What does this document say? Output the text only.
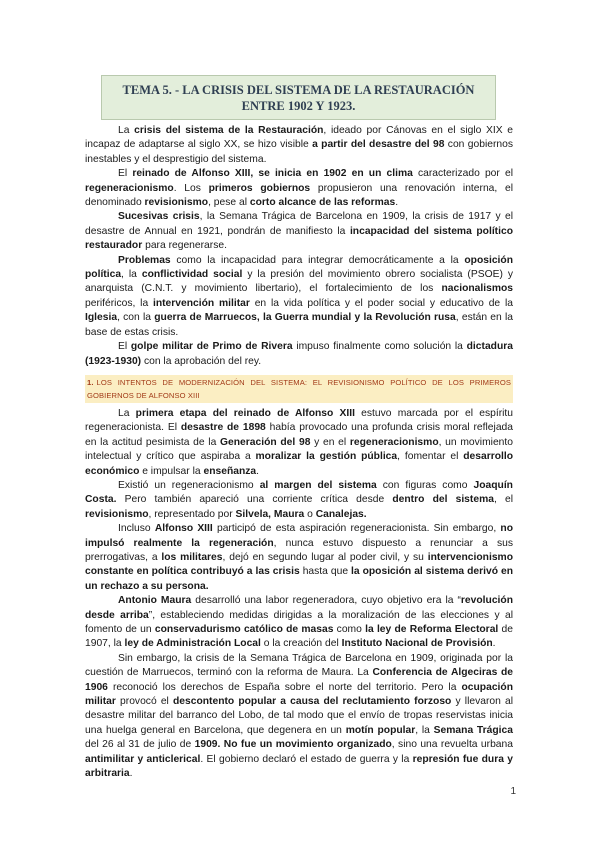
TEMA 5. - LA CRISIS DEL SISTEMA DE LA RESTAURACIÓN
ENTRE 1902 Y 1923.

La crisis del sistema de la Restauración, ideado por Cánovas en el siglo XIX e incapaz de adaptarse al siglo XX, se hizo visible a partir del desastre del 98 con gobiernos inestables y el desprestigio del sistema.

El reinado de Alfonso XIII, se inicia en 1902 en un clima caracterizado por el regeneracionismo. Los primeros gobiernos propusieron una renovación interna, el denominado revisionismo, pese al corto alcance de las reformas.

Sucesivas crisis, la Semana Trágica de Barcelona en 1909, la crisis de 1917 y el desastre de Annual en 1921, pondrán de manifiesto la incapacidad del sistema político restaurador para regenerarse.

Problemas como la incapacidad para integrar democráticamente a la oposición política, la conflictividad social y la presión del movimiento obrero socialista (PSOE) y anarquista (C.N.T. y movimiento libertario), el fortalecimiento de los nacionalismos periféricos, la intervención militar en la vida política y el poder social y educativo de la Iglesia, con la guerra de Marruecos, la Guerra mundial y la Revolución rusa, están en la base de estas crisis.

El golpe militar de Primo de Rivera impuso finalmente como solución la dictadura (1923-1930) con la aprobación del rey.

1. LOS INTENTOS DE MODERNIZACIÓN DEL SISTEMA: EL REVISIONISMO POLÍTICO DE LOS PRIMEROS GOBIERNOS DE ALFONSO XIII

La primera etapa del reinado de Alfonso XIII estuvo marcada por el espíritu regeneracionista. El desastre de 1898 había provocado una profunda crisis moral reflejada en la actitud pesimista de la Generación del 98 y en el regeneracionismo, un movimiento intelectual y crítico que aspiraba a moralizar la gestión pública, fomentar el desarrollo económico e impulsar la enseñanza.

Existió un regeneracionismo al margen del sistema con figuras como Joaquín Costa. Pero también apareció una corriente crítica desde dentro del sistema, el revisionismo, representado por Silvela, Maura o Canalejas.

Incluso Alfonso XIII participó de esta aspiración regeneracionista. Sin embargo, no impulsó realmente la regeneración, nunca estuvo dispuesto a renunciar a sus prerrogativas, a los militares, dejó en segundo lugar al poder civil, y su intervencionismo constante en política contribuyó a las crisis hasta que la oposición al sistema derivó en un rechazo a su persona.

Antonio Maura desarrolló una labor regeneradora, cuyo objetivo era la “revolución desde arriba”, estableciendo medidas dirigidas a la moralización de las elecciones y al fomento de un conservadurismo católico de masas como la ley de Reforma Electoral de 1907, la ley de Administración Local o la creación del Instituto Nacional de Provisión.

Sin embargo, la crisis de la Semana Trágica de Barcelona en 1909, originada por la cuestión de Marruecos, terminó con la reforma de Maura. La Conferencia de Algeciras de 1906 reconoció los derechos de España sobre el norte del territorio. Pero la ocupación militar provocó el descontento popular a causa del reclutamiento forzoso y llevaron al desastre militar del barranco del Lobo, de tal modo que el envío de tropas reservistas inicia una huelga general en Barcelona, que degenera en un motín popular, la Semana Trágica del 26 al 31 de julio de 1909. No fue un movimiento organizado, sino una revuelta urbana antimilitar y anticlerical. El gobierno declaró el estado de guerra y la represión fue dura y arbitraria.

1
